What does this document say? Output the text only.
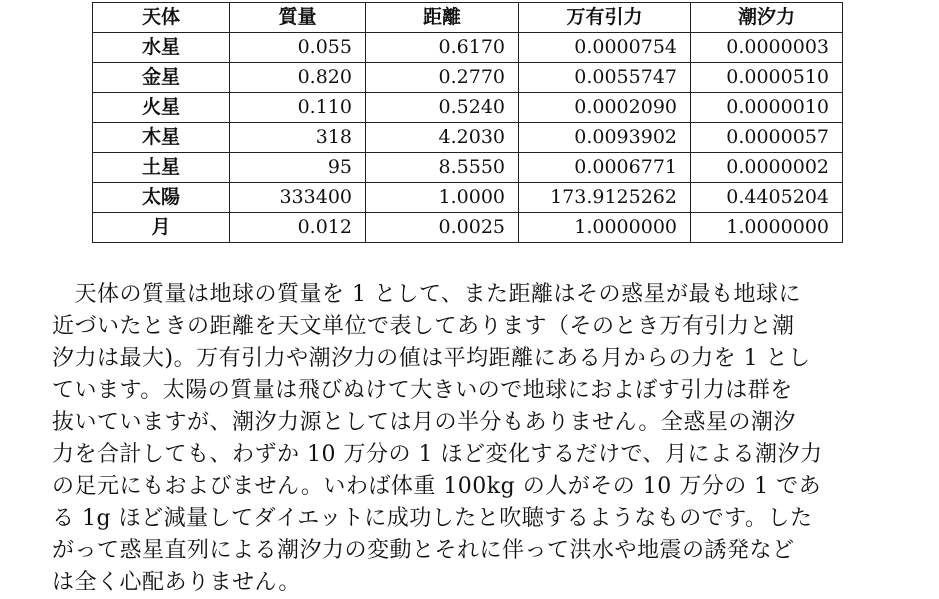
天体	質量	距離	万有引力	潮汐力
水星	0.055	0.6170	0.0000754	0.0000003
金星	0.820	0.2770	0.0055747	0.0000510
火星	0.110	0.5240	0.0002090	0.0000010
木星	318	4.2030	0.0093902	0.0000057
土星	95	8.5550	0.0006771	0.0000002
太陽	333400	1.0000	173.9125262	0.4405204
月	0.012	0.0025	1.0000000	1.0000000
　天体の質量は地球の質量を 1 として、また距離はその惑星が最も地球に
近づいたときの距離を天文単位で表してあります（そのとき万有引力と潮
汐力は最大)。万有引力や潮汐力の値は平均距離にある月からの力を 1 とし
ています。太陽の質量は飛びぬけて大きいので地球におよぼす引力は群を
抜いていますが、潮汐力源としては月の半分もありません。全惑星の潮汐
力を合計しても、わずか 10 万分の 1 ほど変化するだけで、月による潮汐力
の足元にもおよびません。いわば体重 100kg の人がその 10 万分の 1 であ
る 1g ほど減量してダイエットに成功したと吹聴するようなものです。した
がって惑星直列による潮汐力の変動とそれに伴って洪水や地震の誘発など
は全く心配ありません。
